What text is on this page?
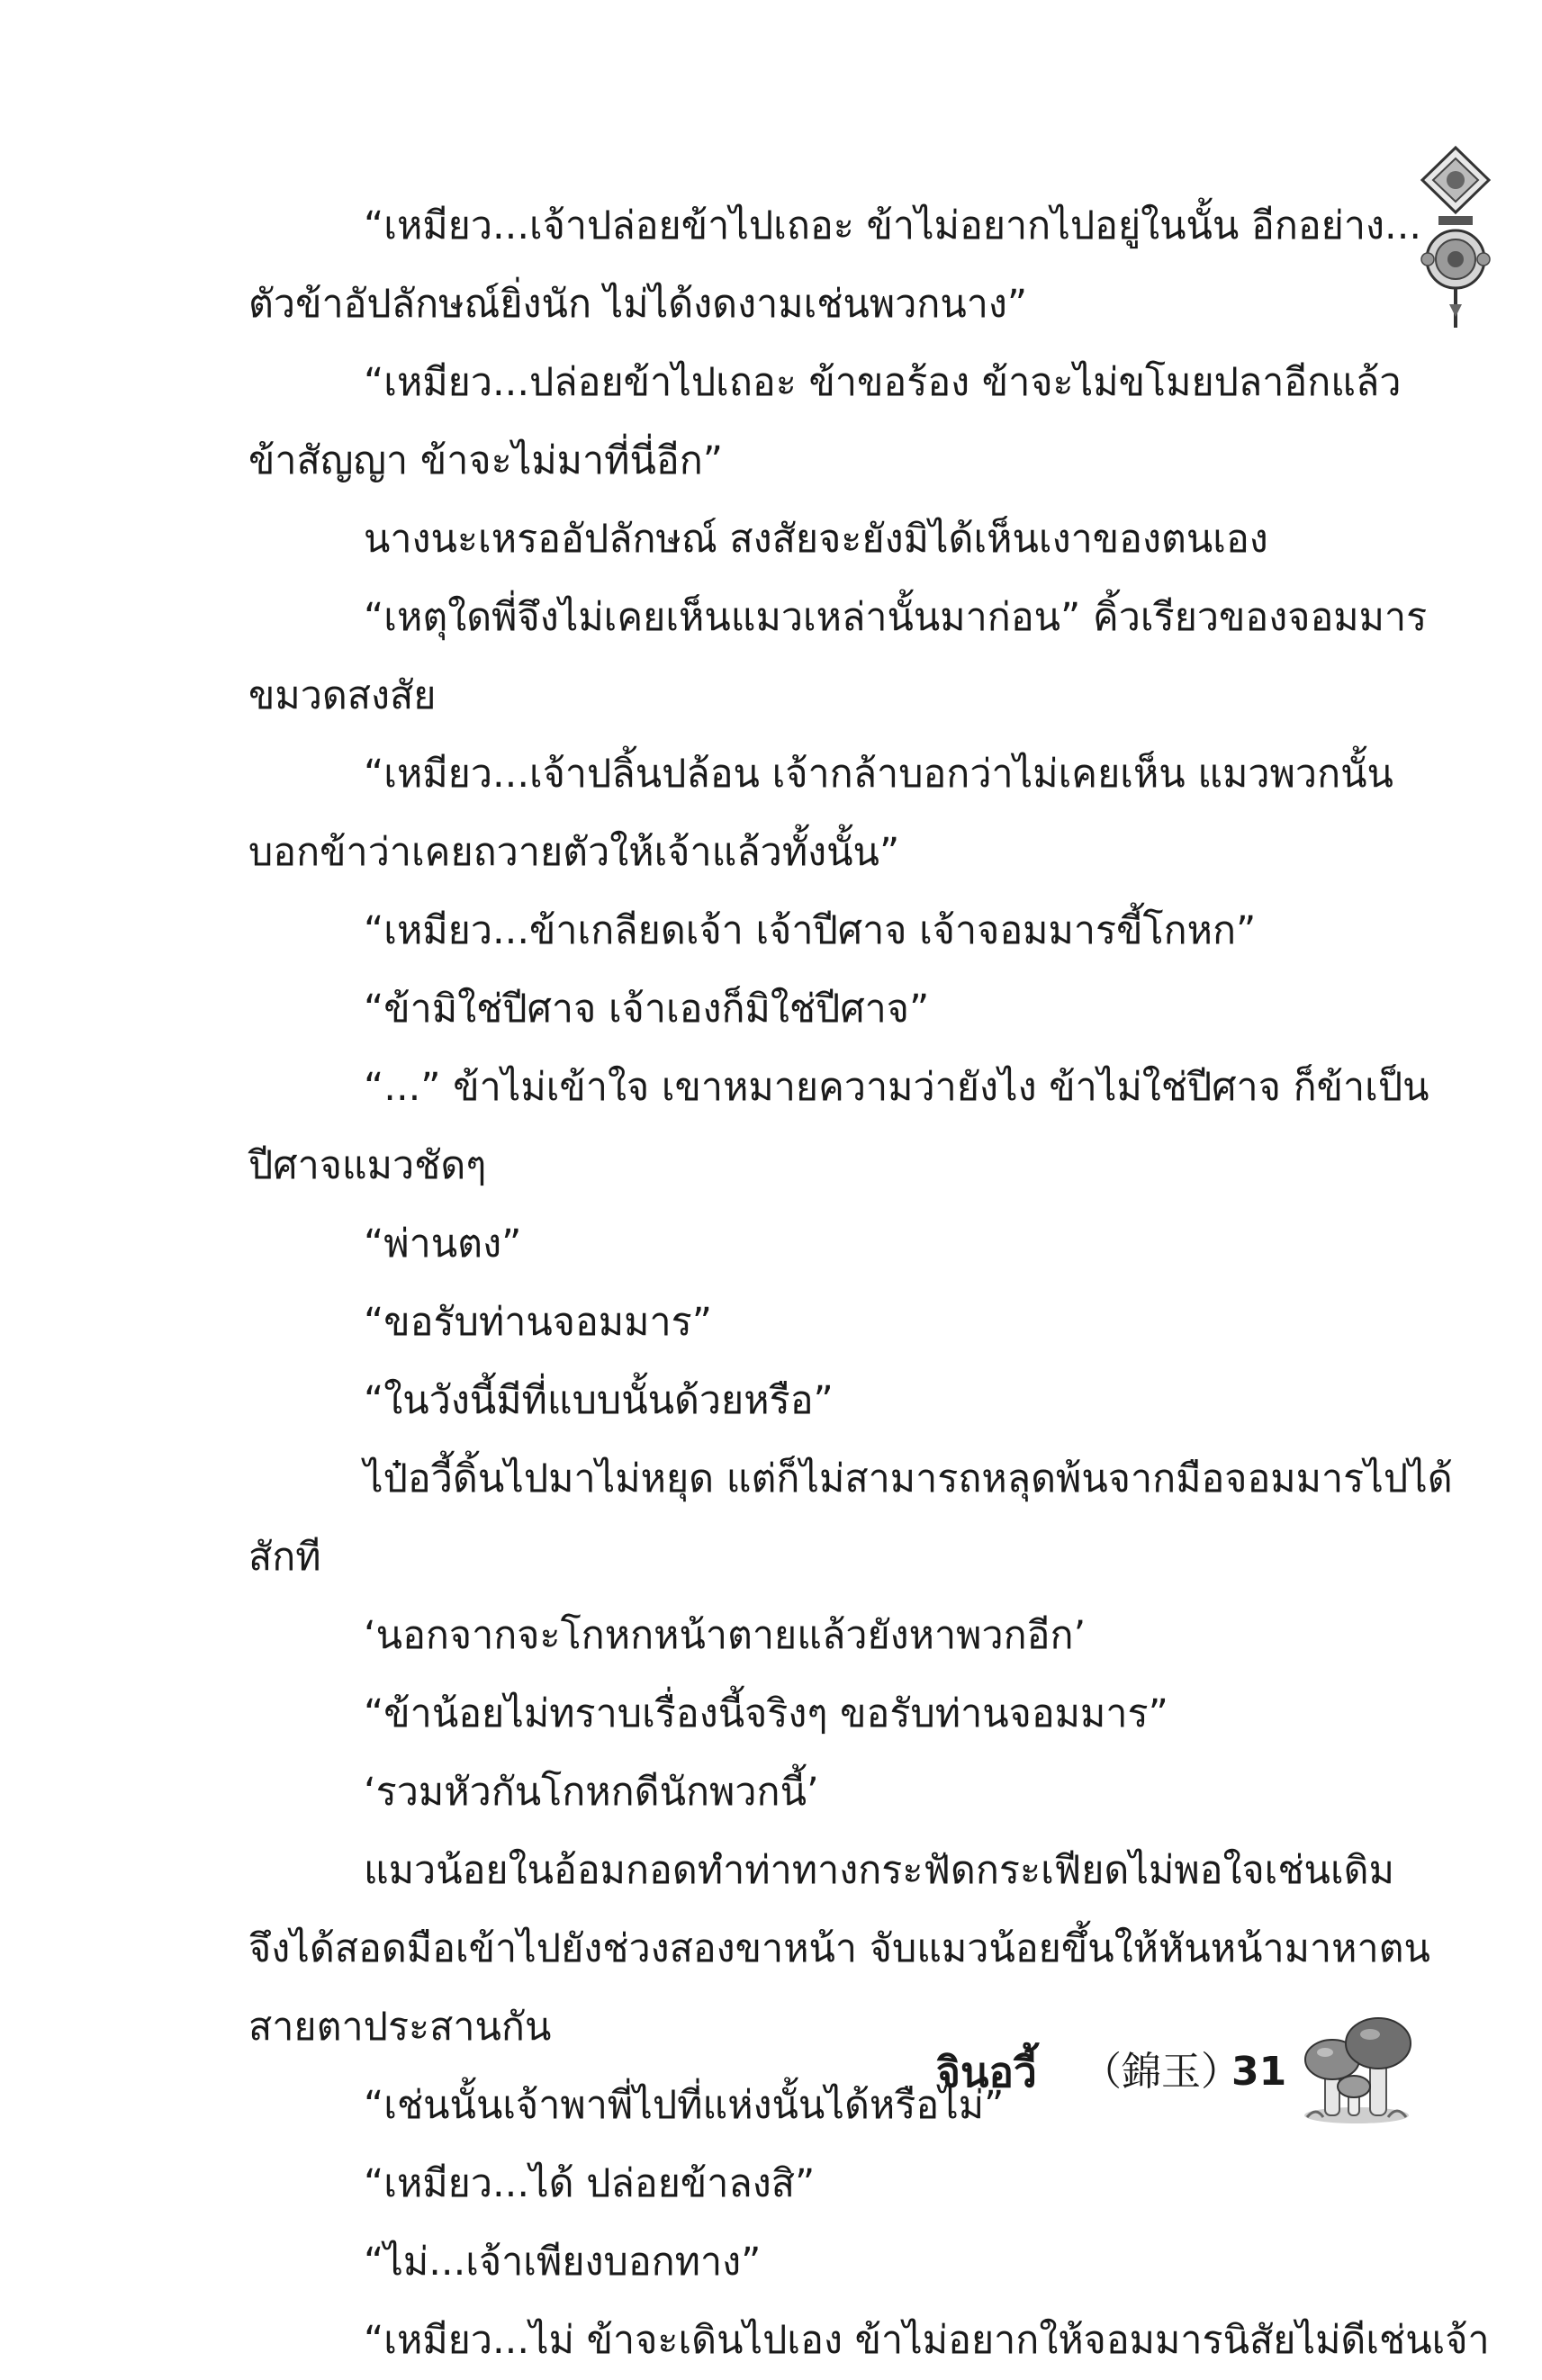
“เหมียว...เจ้าปล่อยข้าไปเถอะ ข้าไม่อยากไปอยู่ในนั้น อีกอย่าง...
ตัวข้าอัปลักษณ์ยิ่งนัก ไม่ได้งดงามเช่นพวกนาง”
“เหมียว...ปล่อยข้าไปเถอะ ข้าขอร้อง ข้าจะไม่ขโมยปลาอีกแล้ว
ข้าสัญญา ข้าจะไม่มาที่นี่อีก”
นางนะเหรออัปลักษณ์ สงสัยจะยังมิได้เห็นเงาของตนเอง
“เหตุใดพี่จึงไม่เคยเห็นแมวเหล่านั้นมาก่อน” คิ้วเรียวของจอมมาร
ขมวดสงสัย
“เหมียว...เจ้าปลิ้นปล้อน เจ้ากล้าบอกว่าไม่เคยเห็น แมวพวกนั้น
บอกข้าว่าเคยถวายตัวให้เจ้าแล้วทั้งนั้น”
“เหมียว...ข้าเกลียดเจ้า เจ้าปีศาจ เจ้าจอมมารขี้โกหก”
“ข้ามิใช่ปีศาจ เจ้าเองก็มิใช่ปีศาจ”
“...” ข้าไม่เข้าใจ เขาหมายความว่ายังไง ข้าไม่ใช่ปีศาจ ก็ข้าเป็น
ปีศาจแมวชัดๆ
“พ่านตง”
“ขอรับท่านจอมมาร”
“ในวังนี้มีที่แบบนั้นด้วยหรือ”
ไป๋อวี้ดิ้นไปมาไม่หยุด แต่ก็ไม่สามารถหลุดพ้นจากมือจอมมารไปได้
สักที
‘นอกจากจะโกหกหน้าตายแล้วยังหาพวกอีก’
“ข้าน้อยไม่ทราบเรื่องนี้จริงๆ ขอรับท่านจอมมาร”
‘รวมหัวกันโกหกดีนักพวกนี้’
แมวน้อยในอ้อมกอดทำท่าทางกระฟัดกระเฟียดไม่พอใจเช่นเดิม
จึงได้สอดมือเข้าไปยังช่วงสองขาหน้า จับแมวน้อยขึ้นให้หันหน้ามาหาตน
สายตาประสานกัน
“เช่นนั้นเจ้าพาพี่ไปที่แห่งนั้นได้หรือไม่”
“เหมียว...ได้ ปล่อยข้าลงสิ”
“ไม่...เจ้าเพียงบอกทาง”
“เหมียว...ไม่ ข้าจะเดินไปเอง ข้าไม่อยากให้จอมมารนิสัยไม่ดีเช่นเจ้า
จินอวี้ （錦玉）
31
